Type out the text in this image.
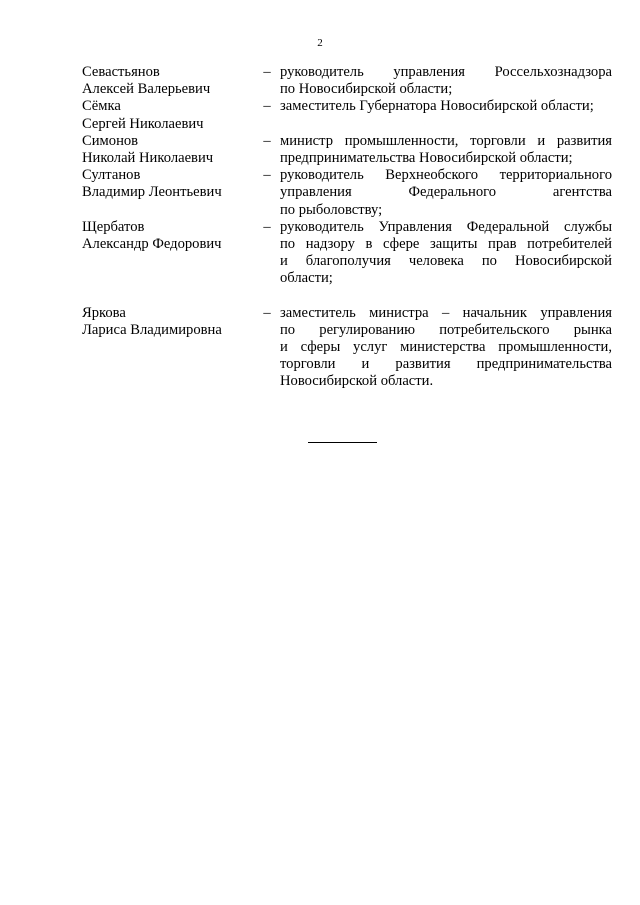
2
Севастьянов
Алексей Валерьевич
– руководитель управления Россельхознадзора
по Новосибирской области;
Сёмка
Сергей Николаевич
– заместитель Губернатора Новосибирской области;
Симонов
Николай Николаевич
– министр промышленности, торговли и развития
предпринимательства Новосибирской области;
Султанов
Владимир Леонтьевич
– руководитель Верхнеобского территориального
управления Федерального агентства
по рыболовству;
Щербатов
Александр Федорович
– руководитель Управления Федеральной службы
по надзору в сфере защиты прав потребителей
и благополучия человека по Новосибирской
области;
Яркова
Лариса Владимировна
– заместитель министра – начальник управления
по регулированию потребительского рынка
и сферы услуг министерства промышленности,
торговли и развития предпринимательства
Новосибирской области.
